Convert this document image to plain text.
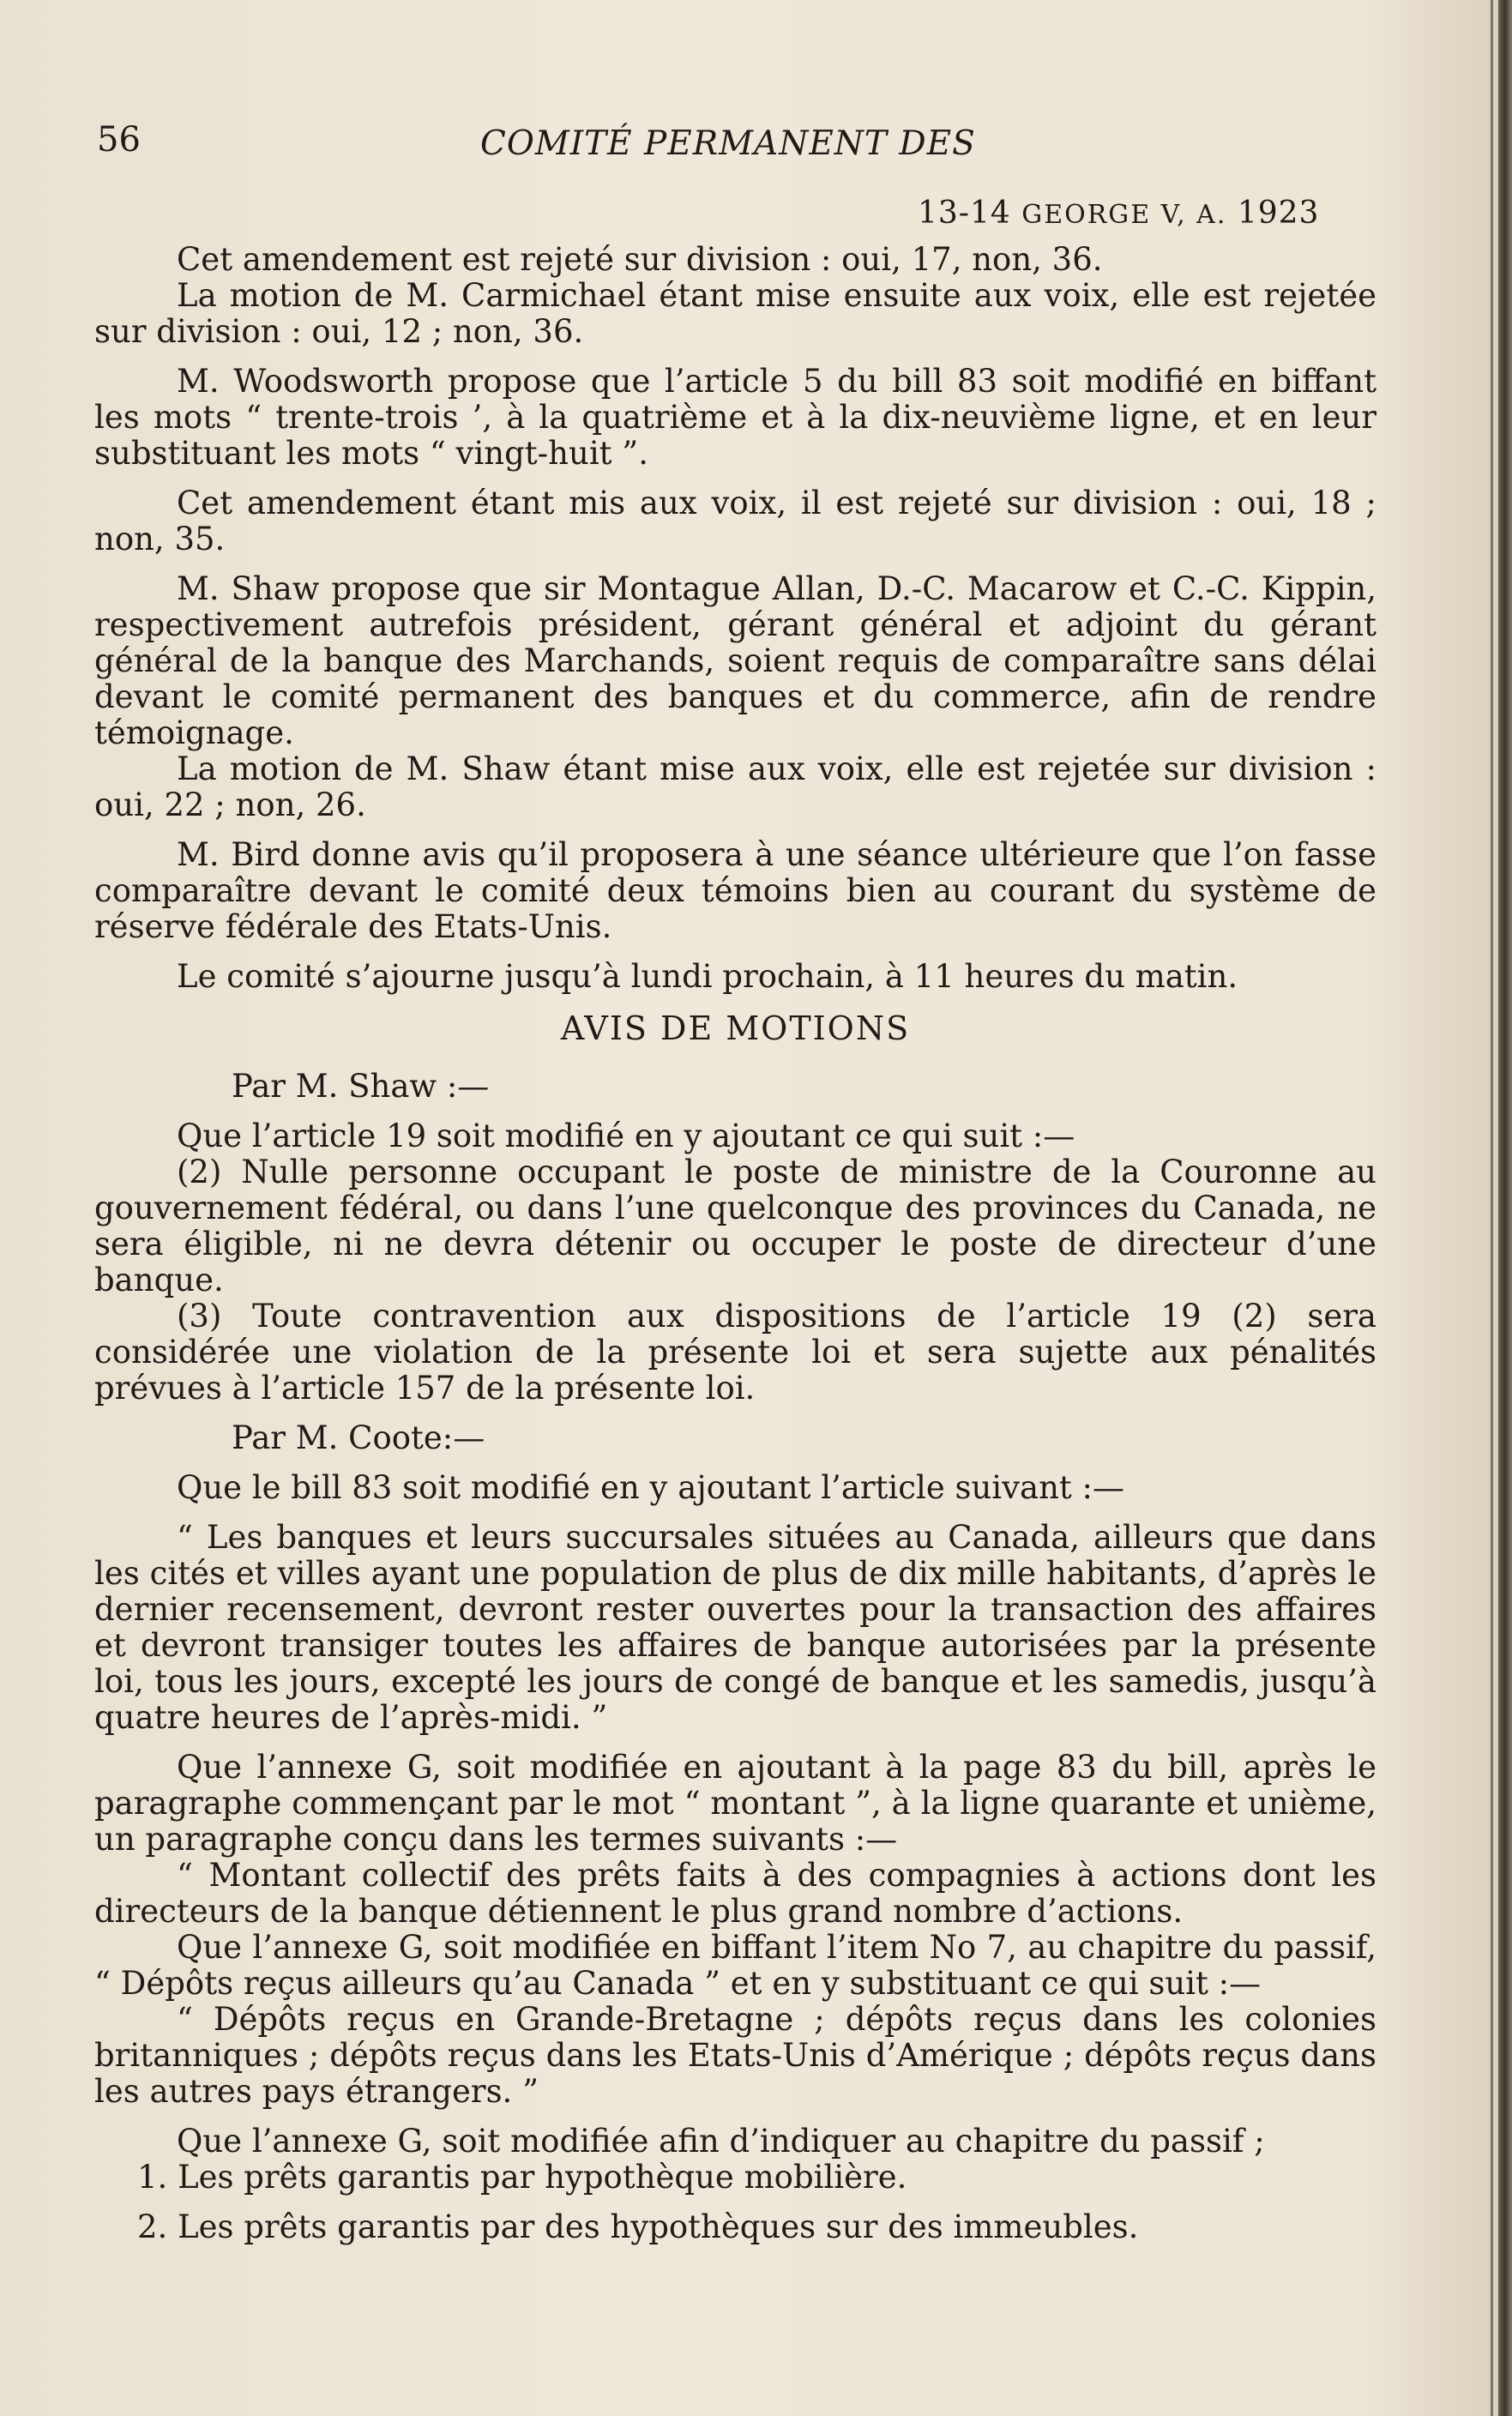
56	COMITÉ PERMANENT DES
13-14 GEORGE V, A. 1923

Cet amendement est rejeté sur division : oui, 17, non, 36.

La motion de M. Carmichael étant mise ensuite aux voix, elle est rejetée sur division : oui, 12 ; non, 36.

M. Woodsworth propose que l’article 5 du bill 83 soit modifié en biffant les mots “ trente-trois ’, à la quatrième et à la dix-neuvième ligne, et en leur substituant les mots “ vingt-huit ”.

Cet amendement étant mis aux voix, il est rejeté sur division : oui, 18 ; non, 35.

M. Shaw propose que sir Montague Allan, D.-C. Macarow et C.-C. Kippin, respectivement autrefois président, gérant général et adjoint du gérant général de la banque des Marchands, soient requis de comparaître sans délai devant le comité permanent des banques et du commerce, afin de rendre témoignage.

La motion de M. Shaw étant mise aux voix, elle est rejetée sur division : oui, 22 ; non, 26.

M. Bird donne avis qu’il proposera à une séance ultérieure que l’on fasse comparaître devant le comité deux témoins bien au courant du système de réserve fédérale des Etats-Unis.

Le comité s’ajourne jusqu’à lundi prochain, à 11 heures du matin.

AVIS DE MOTIONS

Par M. Shaw :—

Que l’article 19 soit modifié en y ajoutant ce qui suit :—

(2) Nulle personne occupant le poste de ministre de la Couronne au gouvernement fédéral, ou dans l’une quelconque des provinces du Canada, ne sera éligible, ni ne devra détenir ou occuper le poste de directeur d’une banque.

(3) Toute contravention aux dispositions de l’article 19 (2) sera considérée une violation de la présente loi et sera sujette aux pénalités prévues à l’article 157 de la présente loi.

Par M. Coote:—

Que le bill 83 soit modifié en y ajoutant l’article suivant :—

“ Les banques et leurs succursales situées au Canada, ailleurs que dans les cités et villes ayant une population de plus de dix mille habitants, d’après le dernier recensement, devront rester ouvertes pour la transaction des affaires et devront transiger toutes les affaires de banque autorisées par la présente loi, tous les jours, excepté les jours de congé de banque et les samedis, jusqu’à quatre heures de l’après-midi. ”

Que l’annexe G, soit modifiée en ajoutant à la page 83 du bill, après le paragraphe commençant par le mot “ montant ”, à la ligne quarante et unième, un paragraphe conçu dans les termes suivants :—

“ Montant collectif des prêts faits à des compagnies à actions dont les directeurs de la banque détiennent le plus grand nombre d’actions.

Que l’annexe G, soit modifiée en biffant l’item No 7, au chapitre du passif, “ Dépôts reçus ailleurs qu’au Canada ” et en y substituant ce qui suit :—

“ Dépôts reçus en Grande-Bretagne ; dépôts reçus dans les colonies britanniques ; dépôts reçus dans les Etats-Unis d’Amérique ; dépôts reçus dans les autres pays étrangers. ”

Que l’annexe G, soit modifiée afin d’indiquer au chapitre du passif ;

1. Les prêts garantis par hypothèque mobilière.

2. Les prêts garantis par des hypothèques sur des immeubles.
